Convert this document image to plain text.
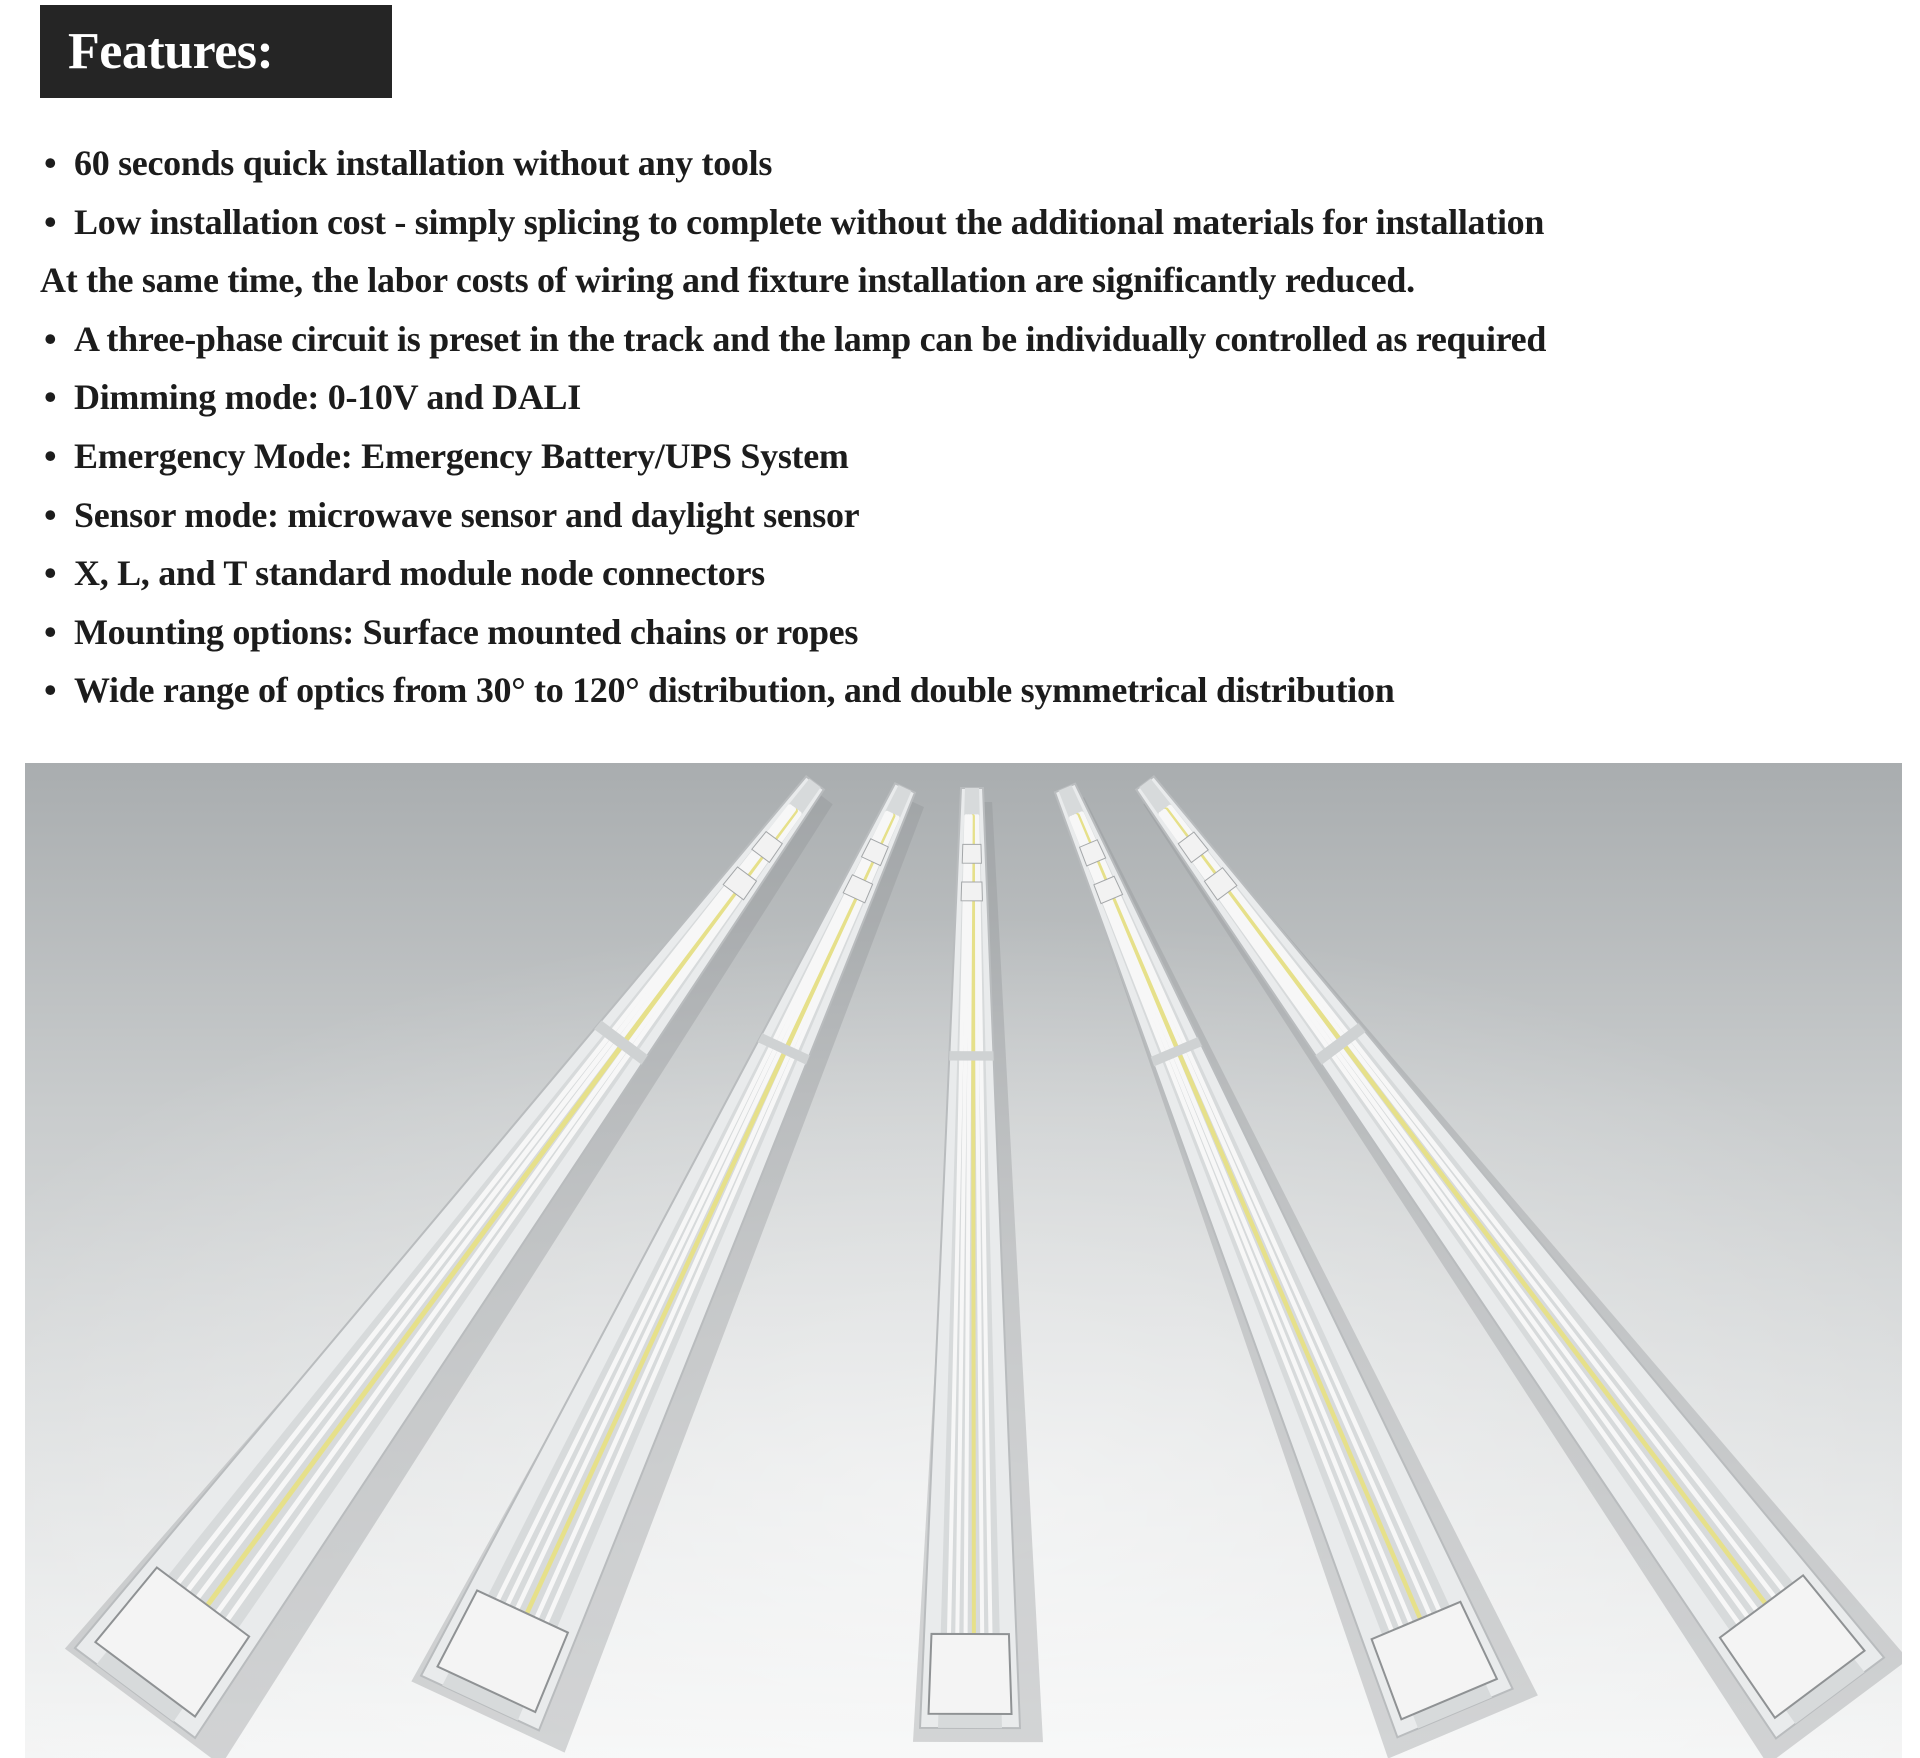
Features:
• 60 seconds quick installation without any tools
• Low installation cost - simply splicing to complete without the additional materials for installation
At the same time, the labor costs of wiring and fixture installation are significantly reduced.
• A three-phase circuit is preset in the track and the lamp can be individually controlled as required
• Dimming mode: 0-10V and DALI
• Emergency Mode: Emergency Battery/UPS System
• Sensor mode: microwave sensor and daylight sensor
• X, L, and T standard module node connectors
• Mounting options: Surface mounted chains or ropes
• Wide range of optics from 30° to 120° distribution, and double symmetrical distribution
